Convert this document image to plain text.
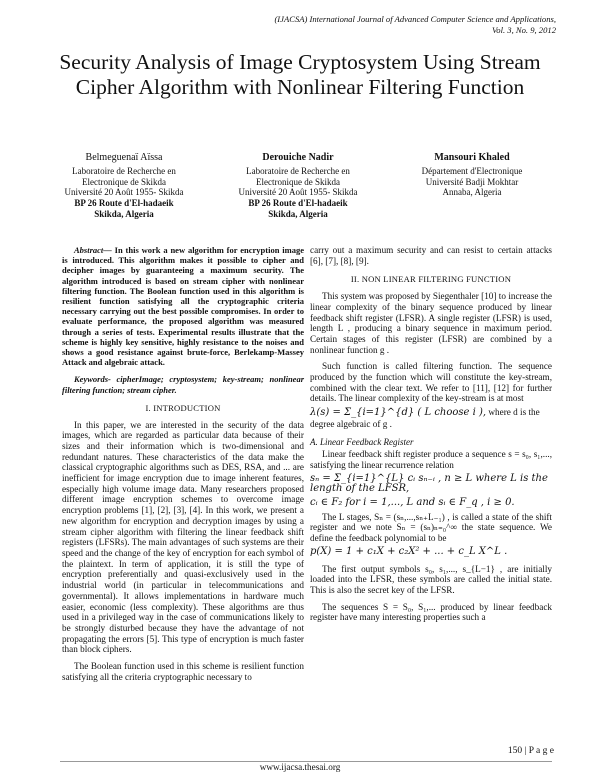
(IJACSA) International Journal of Advanced Computer Science and Applications,
Vol. 3, No. 9, 2012
Security Analysis of Image Cryptosystem Using Stream Cipher Algorithm with Nonlinear Filtering Function
Belmeguenaï Aïssa
Laboratoire de Recherche en
Electronique de Skikda
Université 20 Août 1955- Skikda
BP 26 Route d'El-hadaeik
Skikda, Algeria
Derouiche Nadir
Laboratoire de Recherche en
Electronique de Skikda
Université 20 Août 1955- Skikda
BP 26 Route d'El-hadaeik
Skikda, Algeria
Mansouri Khaled
Département d'Electronique
Université Badji Mokhtar
Annaba, Algeria

Abstract— In this work a new algorithm for encryption image is introduced. This algorithm makes it possible to cipher and decipher images by guaranteeing a maximum security. The algorithm introduced is based on stream cipher with nonlinear filtering function. The Boolean function used in this algorithm is resilient function satisfying all the cryptographic criteria necessary carrying out the best possible compromises. In order to evaluate performance, the proposed algorithm was measured through a series of tests. Experimental results illustrate that the scheme is highly key sensitive, highly resistance to the noises and shows a good resistance against brute-force, Berlekamp-Massey Attack and algebraic attack.

Keywords- cipherImage; cryptosystem; key-stream; nonlinear filtering function; stream cipher.

I. INTRODUCTION

In this paper, we are interested in the security of the data images, which are regarded as particular data because of their sizes and their information which is two-dimensional and redundant natures. These characteristics of the data make the classical cryptographic algorithms such as DES, RSA, and ... are inefficient for image encryption due to image inherent features, especially high volume image data. Many researchers proposed different image encryption schemes to overcome image encryption problems [1], [2], [3], [4]. In this work, we present a new algorithm for encryption and decryption images by using a stream cipher algorithm with filtering the linear feedback shift registers (LFSRs). The main advantages of such systems are their speed and the change of the key of encryption for each symbol of the plaintext. In term of application, it is still the type of encryption preferentially and quasi-exclusively used in the industrial world (in particular in telecommunications and governmental). It allows implementations in hardware much easier, economic (less complexity). These algorithms are thus used in a privileged way in the case of communications likely to be strongly disturbed because they have the advantage of not propagating the errors [5]. This type of encryption is much faster than block ciphers.

The Boolean function used in this scheme is resilient function satisfying all the criteria cryptographic necessary to

carry out a maximum security and can resist to certain attacks [6], [7], [8], [9].

II. NON LINEAR FILTERING FUNCTION

This system was proposed by Siegenthaler [10] to increase the linear complexity of the binary sequence produced by linear feedback shift register (LFSR). A single register (LFSR) is used, length L , producing a binary sequence in maximum period. Certain stages of this register (LFSR) are combined by a nonlinear function g .

Such function is called filtering function. The sequence produced by the function which will constitute the key-stream, combined with the clear text. We refer to [11], [12] for further details. The linear complexity of the key-stream is at most

λ(s) = Σ_{i=1}^{d} ( L choose i ), where d is the degree algebraic of g .

A. Linear Feedback Register

Linear feedback shift register produce a sequence s = s₀, s₁,..., satisfying the linear recurrence relation

sₙ = Σ_{i=1}^{L} cᵢ sₙ₋ᵢ , n ≥ L where L is the length of the LFSR,

cᵢ ∈ F₂ for i = 1,..., L and sᵢ ∈ F_q , i ≥ 0.

The L stages, Sₙ = (sₙ,...,sₙ₊L₋₁) , is called a state of the shift register and we note Sₙ = (sₙ)ₙ₌₀^∞ the state sequence. We define the feedback polynomial to be

p(X) = 1 + c₁X + c₂X² + ... + c_L X^L .

The first output symbols s₀, s₁,..., s_{L−1} , are initially loaded into the LFSR, these symbols are called the initial state. This is also the secret key of the LFSR.

The sequences S = S₀, S₁,... produced by linear feedback register have many interesting properties such a

150 | P a g e
www.ijacsa.thesai.org
